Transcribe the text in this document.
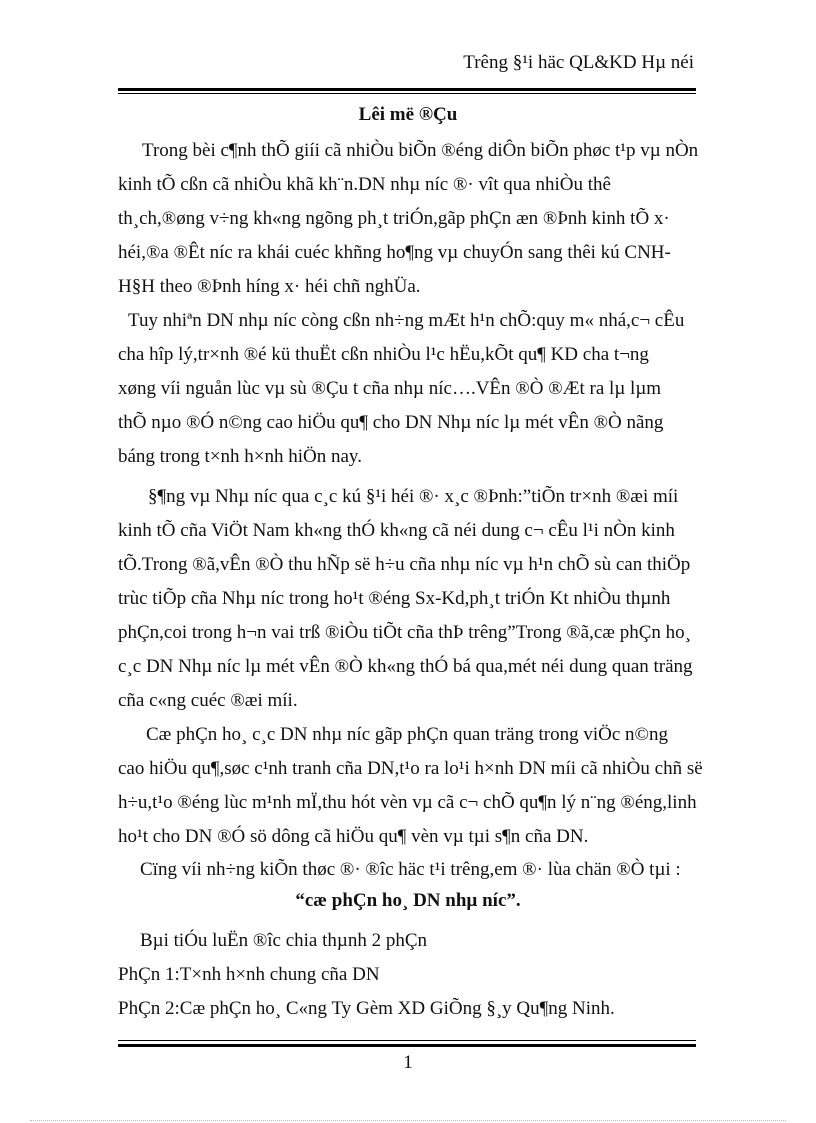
Trêng §¹i häc QL&KD Hµ néi
Lêi më ®Çu
Trong bèi c¶nh thÕ giíi cã nhiÒu biÕn ®éng diÔn biÕn phøc t¹p vµ nÒn
kinh tÕ cßn cã nhiÒu khã kh¨n.DN nhµ níc ®· vît qua nhiÒu thê
th¸ch,®øng v÷ng kh«ng ngõng ph¸t triÓn,gãp phÇn æn ®Þnh kinh tÕ x·
héi,®a ®Êt níc ra khái cuéc khñng ho¶ng vµ chuyÓn sang thêi kú CNH-
H§H theo ®Þnh híng x· héi chñ nghÜa.
Tuy nhiªn DN nhµ níc còng cßn nh÷ng mÆt h¹n chÕ:quy m« nhá,c¬ cÊu
cha hîp lý,tr×nh ®é kü thuËt cßn nhiÒu l¹c hËu,kÕt qu¶ KD cha t¬ng
xøng víi nguån lùc vµ sù ®Çu t cña nhµ níc….VÊn ®Ò ®Æt ra lµ lµm
thÕ nµo ®Ó n©ng cao hiÖu qu¶ cho DN Nhµ níc lµ mét vÊn ®Ò nãng
báng trong t×nh h×nh hiÖn nay.
§¶ng vµ Nhµ níc qua c¸c kú §¹i héi ®· x¸c ®Þnh:”tiÕn tr×nh ®æi míi
kinh tÕ cña ViÖt Nam kh«ng thÓ kh«ng cã néi dung c¬ cÊu l¹i nÒn kinh
tÕ.Trong ®ã,vÊn ®Ò thu hÑp së h÷u cña nhµ níc vµ h¹n chÕ sù can thiÖp
trùc tiÕp cña Nhµ níc trong ho¹t ®éng Sx-Kd,ph¸t triÓn Kt nhiÒu thµnh
phÇn,coi trong h¬n vai trß ®iÒu tiÕt cña thÞ trêng”Trong ®ã,cæ phÇn ho¸
c¸c DN Nhµ níc lµ mét vÊn ®Ò kh«ng thÓ bá qua,mét néi dung quan träng
cña c«ng cuéc ®æi míi.
Cæ phÇn ho¸ c¸c DN nhµ níc gãp phÇn quan träng trong viÖc n©ng
cao hiÖu qu¶,søc c¹nh tranh cña DN,t¹o ra lo¹i h×nh DN míi cã nhiÒu chñ së
h÷u,t¹o ®éng lùc m¹nh mÏ,thu hót vèn vµ cã c¬ chÕ qu¶n lý n¨ng ®éng,linh
ho¹t cho DN ®Ó sö dông cã hiÖu qu¶ vèn vµ tµi s¶n cña DN.
Cïng víi nh÷ng kiÕn thøc ®· ®îc häc t¹i trêng,em ®· lùa chän ®Ò tµi :
“cæ phÇn ho¸ DN nhµ níc”.
Bµi tiÓu luËn ®îc chia thµnh 2 phÇn
PhÇn 1:T×nh h×nh chung cña DN
PhÇn 2:Cæ phÇn ho¸ C«ng Ty Gèm XD GiÕng §¸y Qu¶ng Ninh.
1
